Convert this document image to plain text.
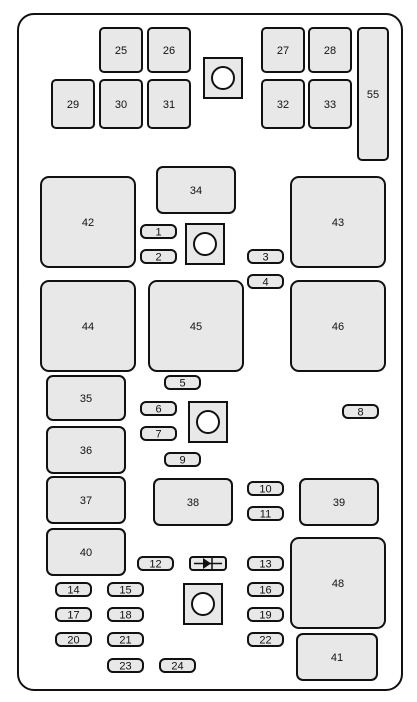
25	26	27	28
55
29	30	31	32	33
34
42	43
1
2	3
4
44	45	46
35
5
6
7
8
9
36
37	38
10
11
39
40
12	13
48
14	15	16
17	18	19
20	21	22
41
23	24
